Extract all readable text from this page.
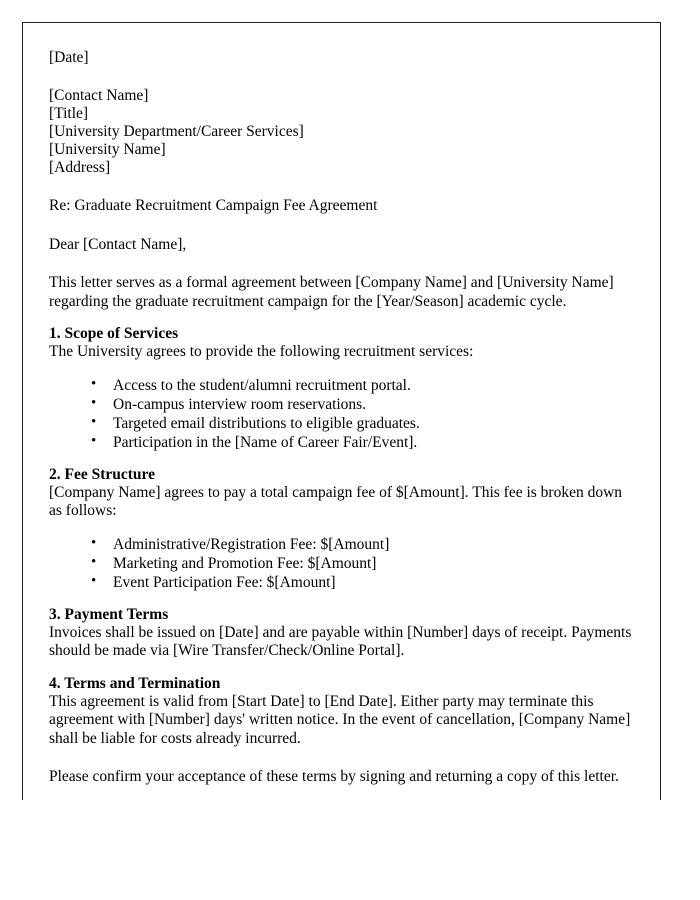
[Date]
[Contact Name]
[Title]
[University Department/Career Services]
[University Name]
[Address]
Re: Graduate Recruitment Campaign Fee Agreement
Dear [Contact Name],
This letter serves as a formal agreement between [Company Name] and [University Name] regarding the graduate recruitment campaign for the [Year/Season] academic cycle.
1. Scope of Services
The University agrees to provide the following recruitment services:
• Access to the student/alumni recruitment portal.
• On-campus interview room reservations.
• Targeted email distributions to eligible graduates.
• Participation in the [Name of Career Fair/Event].
2. Fee Structure
[Company Name] agrees to pay a total campaign fee of $[Amount]. This fee is broken down as follows:
• Administrative/Registration Fee: $[Amount]
• Marketing and Promotion Fee: $[Amount]
• Event Participation Fee: $[Amount]
3. Payment Terms
Invoices shall be issued on [Date] and are payable within [Number] days of receipt. Payments should be made via [Wire Transfer/Check/Online Portal].
4. Terms and Termination
This agreement is valid from [Start Date] to [End Date]. Either party may terminate this agreement with [Number] days' written notice. In the event of cancellation, [Company Name] shall be liable for costs already incurred.
Please confirm your acceptance of these terms by signing and returning a copy of this letter.
